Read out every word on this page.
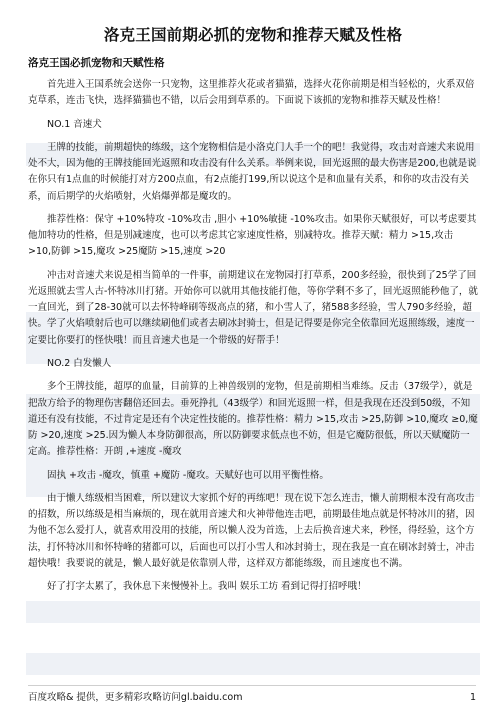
洛克王国前期必抓的宠物和推荐天赋及性格
洛克王国必抓宠物和天赋性格

首先进入王国系统会送你一只宠物，这里推荐火花或者猫猫，选择火花你前期是相当轻松的，火系双倍克草系，连击飞快，选择猫猫也不错，以后会用到草系的。下面说下该抓的宠物和推荐天赋及性格！

NO.1 音速犬

王牌的技能，前期超快的练级，这个宠物相信是小洛克门人手一个的吧！我觉得，攻击对音速犬来说用处不大，因为他的王牌技能回光返照和攻击没有什么关系。举例来说，回光返照的最大伤害是200,也就是说在你只有1点血的时候能打对方200点血，有2点能打199,所以说这个是和血量有关系，和你的攻击没有关系，而后期学的火焰喷射，火焰爆弹都是魔攻的。

推荐性格：保守 +10%特攻 -10%攻击 ,胆小 +10%敏捷 -10%攻击。如果你天赋很好，可以考虑要其他加特功的性格，但是别减速度，也可以考虑其它家速度性格，别减特攻。推荐天赋：精力 >15,攻击 >10,防御 >15,魔攻 >25魔防 >15,速度 >20

冲击对音速犬来说是相当简单的一件事，前期建议在宠物园打打草系，200多经验，很快到了25学了回光返照就去雪人古-怀特冰川打猪。开始你可以就用其他技能打他，等你学剩不多了，回光返照能秒他了，就一直回光，到了28-30就可以去怀特峰刷等级高点的猪，和小雪人了，猪588多经验，雪人790多经验，超快。学了火焰喷射后也可以继续刷他们或者去刷冰封骑士，但是记得要是你完全依靠回光返照练级，速度一定要比你要打的怪快哦！而且音速犬也是一个带级的好帮手！

NO.2 白发懒人

多个王牌技能，超厚的血量，目前算的上神兽级别的宠物，但是前期相当难练。反击（37级学），就是把敌方给予的物理伤害翻倍还回去。垂死挣扎（43级学）和回光返照一样，但是我现在还没到50级，不知道还有没有技能，不过肯定是还有个决定性技能的。推荐性格：精力 >15,攻击 >25,防御 >10,魔攻 ≥0,魔防 >20,速度 >25.因为懒人本身防御很高，所以防御要求低点也不妨，但是它魔防很低，所以天赋魔防一定高。推荐性格：开朗 ,+速度 -魔攻

固执 +攻击 -魔攻，慎重 +魔防 -魔攻。天赋好也可以用平衡性格。

由于懒人练级相当困难，所以建议大家抓个好的再练吧！现在说下怎么连击，懒人前期根本没有高攻击的招数，所以练级是相当麻烦的，现在就用音速犬和火神带他连击吧，前期最佳地点就是怀特冰川的猪，因为他不怎么爱打人，就喜欢用没用的技能，所以懒人没为首选，上去后换音速犬来，秒怪，得经验，这个方法，打怀特冰川和怀特峰的猪都可以，后面也可以打小雪人和冰封骑士，现在我是一直在刷冰封骑士，冲击超快哦！我要说的就是，懒人最好就是依靠别人带，这样双方都能练级，而且速度也不满。

好了打字太累了，我休息下来慢慢补上。我叫 娱乐工坊 看到记得打招呼哦！

百度攻略& 提供，更多精彩攻略访问gl.baidu.com	1
